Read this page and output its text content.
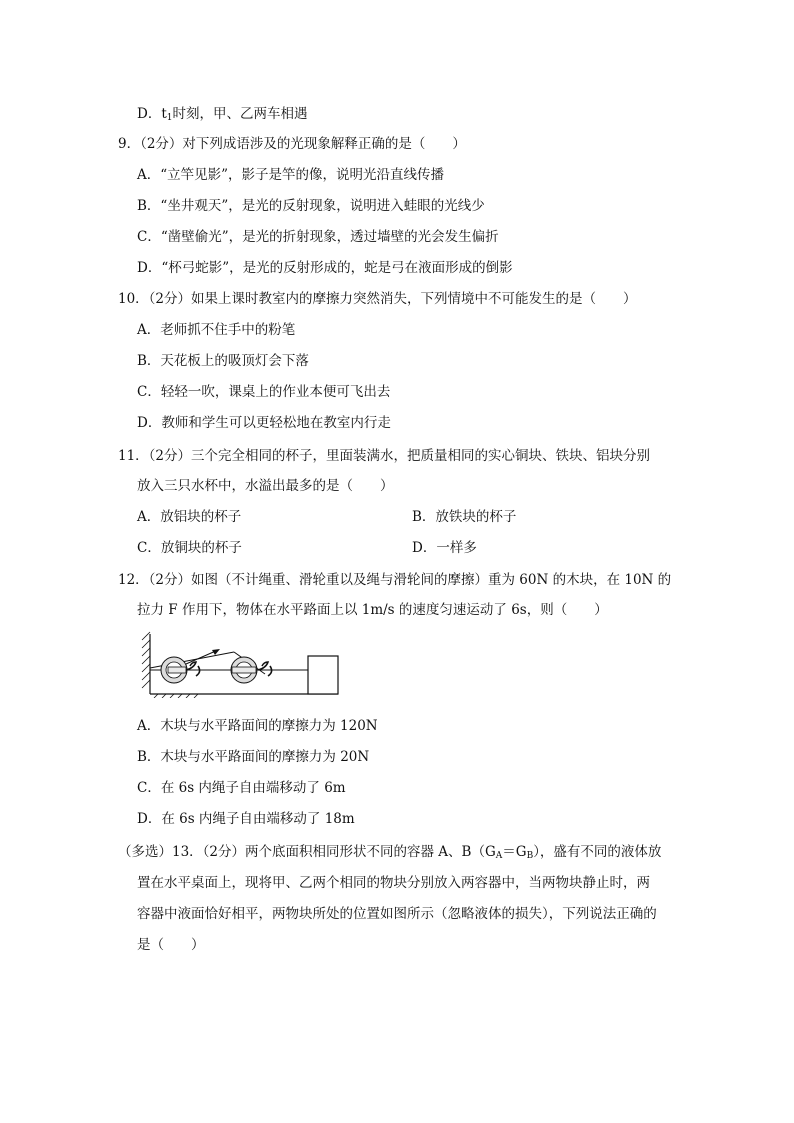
D．$t_1$时刻，甲、乙两车相遇
9．（2分）对下列成语涉及的光现象解释正确的是（　　）
A．“立竿见影”，影子是竿的像，说明光沿直线传播
B．“坐井观天”，是光的反射现象，说明进入蛙眼的光线少
C．“凿壁偷光”，是光的折射现象，透过墙壁的光会发生偏折
D．“杯弓蛇影”，是光的反射形成的，蛇是弓在液面形成的倒影
10．（2分）如果上课时教室内的摩擦力突然消失，下列情境中不可能发生的是（　　）
A．老师抓不住手中的粉笔
B．天花板上的吸顶灯会下落
C．轻轻一吹，课桌上的作业本便可飞出去
D．教师和学生可以更轻松地在教室内行走
11．（2分）三个完全相同的杯子，里面装满水，把质量相同的实心铜块、铁块、铝块分别
放入三只水杯中，水溢出最多的是（　　）
A．放铝块的杯子	B．放铁块的杯子
C．放铜块的杯子	D．一样多
12．（2分）如图（不计绳重、滑轮重以及绳与滑轮间的摩擦）重为 60N 的木块，在 10N 的
拉力 F 作用下，物体在水平路面上以 1m/s 的速度匀速运动了 6s，则（　　）
A．木块与水平路面间的摩擦力为 120N
B．木块与水平路面间的摩擦力为 20N
C．在 6s 内绳子自由端移动了 6m
D．在 6s 内绳子自由端移动了 18m
（多选）13．（2分）两个底面积相同形状不同的容器 A、$B(G_A=G_B)$，盛有不同的液体放
置在水平桌面上，现将甲、乙两个相同的物块分别放入两容器中，当两物块静止时，两
容器中液面恰好相平，两物块所处的位置如图所示（忽略液体的损失），下列说法正确的
是（　　）
